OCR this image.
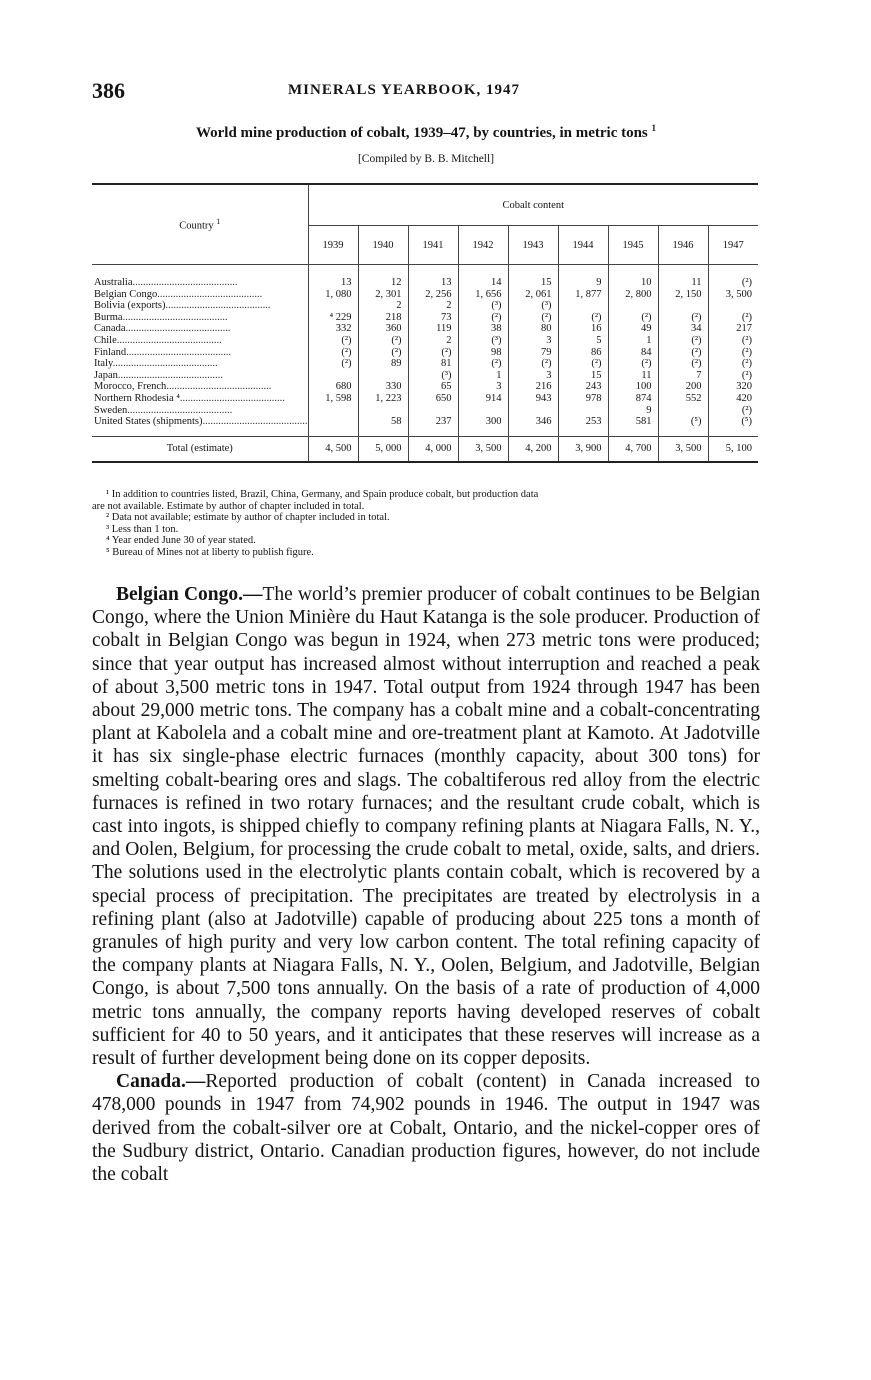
386	MINERALS YEARBOOK, 1947
World mine production of cobalt, 1939–47, by countries, in metric tons $^1$
[Compiled by B. B. Mitchell]
Country $^1$	Cobalt content								
	1939	1940	1941	1942	1943	1944	1945	1946	1947

Australia........................................	13	12	13	14	15	9	10	11	(²)
Belgian Congo........................................	1, 080	2, 301	2, 256	1, 656	2, 061	1, 877	2, 800	2, 150	3, 500
Bolivia (exports)........................................		2	2	(³)	(³)				
Burma........................................	⁴ 229	218	73	(²)	(²)	(²)	(²)	(²)	(²)
Canada........................................	332	360	119	38	80	16	49	34	217
Chile........................................	(²)	(²)	2	(³)	3	5	1	(²)	(²)
Finland........................................	(²)	(²)	(²)	98	79	86	84	(²)	(²)
Italy........................................	(²)	89	81	(²)	(²)	(²)	(²)	(²)	(²)
Japan........................................			(³)	1	3	15	11	7	(²)
Morocco, French........................................	680	330	65	3	216	243	100	200	320
Northern Rhodesia ⁴........................................	1, 598	1, 223	650	914	943	978	874	552	420
Sweden........................................							9		(²)
United States (shipments)........................................		58	237	300	346	253	581	(⁵)	(⁵)

Total (estimate)	4, 500	5, 000	4, 000	3, 500	4, 200	3, 900	4, 700	3, 500	5, 100

¹ In addition to countries listed, Brazil, China, Germany, and Spain produce cobalt, but production data

are not available. Estimate by author of chapter included in total.

² Data not available; estimate by author of chapter included in total.

³ Less than 1 ton.

⁴ Year ended June 30 of year stated.

⁵ Bureau of Mines not at liberty to publish figure.

Belgian Congo.—The world’s premier producer of cobalt continues to be Belgian Congo, where the Union Minière du Haut Katanga is the sole producer. Production of cobalt in Belgian Congo was begun in 1924, when 273 metric tons were produced; since that year output has increased almost without interruption and reached a peak of about 3,500 metric tons in 1947. Total output from 1924 through 1947 has been about 29,000 metric tons. The company has a cobalt mine and a cobalt-concentrating plant at Kabolela and a cobalt mine and ore-treatment plant at Kamoto. At Jadotville it has six single-phase electric furnaces (monthly capacity, about 300 tons) for smelting cobalt-bearing ores and slags. The cobaltiferous red alloy from the electric furnaces is refined in two rotary furnaces; and the resultant crude cobalt, which is cast into ingots, is shipped chiefly to company refining plants at Niagara Falls, N. Y., and Oolen, Belgium, for processing the crude cobalt to metal, oxide, salts, and driers. The solutions used in the electrolytic plants contain cobalt, which is recovered by a special process of precipitation. The precipitates are treated by electrolysis in a refining plant (also at Jadotville) capable of producing about 225 tons a month of granules of high purity and very low carbon content. The total refining capacity of the company plants at Niagara Falls, N. Y., Oolen, Belgium, and Jadotville, Belgian Congo, is about 7,500 tons annually. On the basis of a rate of production of 4,000 metric tons annually, the company reports having developed reserves of cobalt sufficient for 40 to 50 years, and it anticipates that these reserves will increase as a result of further development being done on its copper deposits.

Canada.—Reported production of cobalt (content) in Canada increased to 478,000 pounds in 1947 from 74,902 pounds in 1946. The output in 1947 was derived from the cobalt-silver ore at Cobalt, Ontario, and the nickel-copper ores of the Sudbury district, Ontario. Canadian production figures, however, do not include the cobalt
